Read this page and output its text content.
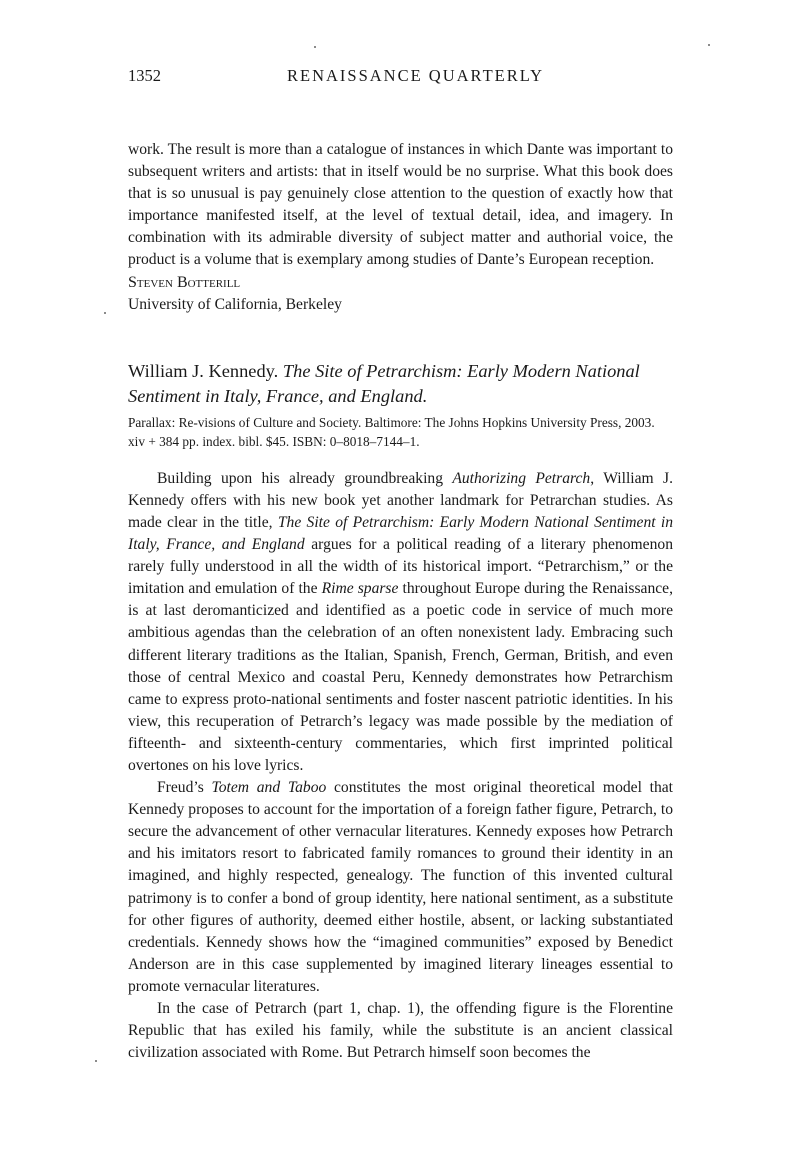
1352	RENAISSANCE QUARTERLY

work. The result is more than a catalogue of instances in which Dante was important to subsequent writers and artists: that in itself would be no surprise. What this book does that is so unusual is pay genuinely close attention to the question of exactly how that importance manifested itself, at the level of textual detail, idea, and imagery. In combination with its admirable diversity of subject matter and authorial voice, the product is a volume that is exemplary among studies of Dante’s European reception.

Steven Botterill

University of California, Berkeley

William J. Kennedy. The Site of Petrarchism: Early Modern National Sentiment in Italy, France, and England.
Parallax: Re-visions of Culture and Society. Baltimore: The Johns Hopkins University Press, 2003. xiv + 384 pp. index. bibl. $45. ISBN: 0–8018–7144–1.

Building upon his already groundbreaking Authorizing Petrarch, William J. Kennedy offers with his new book yet another landmark for Petrarchan studies. As made clear in the title, The Site of Petrarchism: Early Modern National Sentiment in Italy, France, and England argues for a political reading of a literary phenomenon rarely fully understood in all the width of its historical import. “Petrarchism,” or the imitation and emulation of the Rime sparse throughout Europe during the Renaissance, is at last deromanticized and identified as a poetic code in service of much more ambitious agendas than the celebration of an often nonexistent lady. Embracing such different literary traditions as the Italian, Spanish, French, German, British, and even those of central Mexico and coastal Peru, Kennedy demonstrates how Petrarchism came to express proto-national sentiments and foster nascent patriotic identities. In his view, this recuperation of Petrarch’s legacy was made possible by the mediation of fifteenth- and sixteenth-century commentaries, which first imprinted political overtones on his love lyrics.

Freud’s Totem and Taboo constitutes the most original theoretical model that Kennedy proposes to account for the importation of a foreign father figure, Petrarch, to secure the advancement of other vernacular literatures. Kennedy exposes how Petrarch and his imitators resort to fabricated family romances to ground their identity in an imagined, and highly respected, genealogy. The function of this invented cultural patrimony is to confer a bond of group identity, here national sentiment, as a substitute for other figures of authority, deemed either hostile, absent, or lacking substantiated credentials. Kennedy shows how the “imagined communities” exposed by Benedict Anderson are in this case supplemented by imagined literary lineages essential to promote vernacular literatures.

In the case of Petrarch (part 1, chap. 1), the offending figure is the Florentine Republic that has exiled his family, while the substitute is an ancient classical civilization associated with Rome. But Petrarch himself soon becomes the
